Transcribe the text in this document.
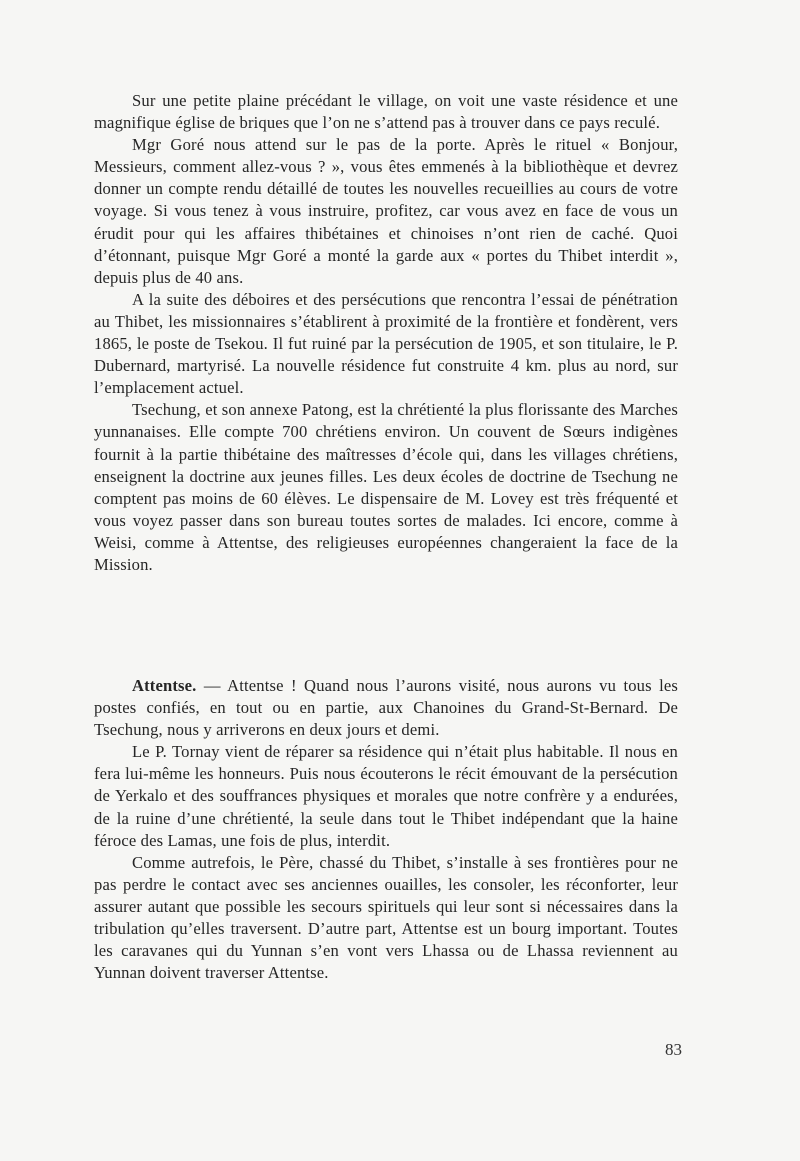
Sur une petite plaine précédant le village, on voit une vaste résidence et une magnifique église de briques que l’on ne s’attend pas à trouver dans ce pays reculé.

Mgr Goré nous attend sur le pas de la porte. Après le rituel « Bonjour, Messieurs, comment allez-vous ? », vous êtes emmenés à la bibliothèque et devrez donner un compte rendu détaillé de toutes les nouvelles recueillies au cours de votre voyage. Si vous tenez à vous instruire, profitez, car vous avez en face de vous un érudit pour qui les affaires thibétaines et chinoises n’ont rien de caché. Quoi d’étonnant, puisque Mgr Goré a monté la garde aux « portes du Thibet interdit », depuis plus de 40 ans.

A la suite des déboires et des persécutions que rencontra l’essai de pénétration au Thibet, les missionnaires s’établirent à proximité de la frontière et fondèrent, vers 1865, le poste de Tsekou. Il fut ruiné par la persécution de 1905, et son titulaire, le P. Dubernard, martyrisé. La nouvelle résidence fut construite 4 km. plus au nord, sur l’emplacement actuel.

Tsechung, et son annexe Patong, est la chrétienté la plus florissante des Marches yunnanaises. Elle compte 700 chrétiens environ. Un couvent de Sœurs indigènes fournit à la partie thibétaine des maîtresses d’école qui, dans les villages chrétiens, enseignent la doctrine aux jeunes filles. Les deux écoles de doctrine de Tsechung ne comptent pas moins de 60 élèves. Le dispensaire de M. Lovey est très fréquenté et vous voyez passer dans son bureau toutes sortes de malades. Ici encore, comme à Weisi, comme à Attentse, des religieuses européennes changeraient la face de la Mission.

Attentse. — Attentse ! Quand nous l’aurons visité, nous aurons vu tous les postes confiés, en tout ou en partie, aux Chanoines du Grand-St-Bernard. De Tsechung, nous y arriverons en deux jours et demi.

Le P. Tornay vient de réparer sa résidence qui n’était plus habitable. Il nous en fera lui-même les honneurs. Puis nous écouterons le récit émouvant de la persécution de Yerkalo et des souffrances physiques et morales que notre confrère y a endurées, de la ruine d’une chrétienté, la seule dans tout le Thibet indépendant que la haine féroce des Lamas, une fois de plus, interdit.

Comme autrefois, le Père, chassé du Thibet, s’installe à ses frontières pour ne pas perdre le contact avec ses anciennes ouailles, les consoler, les réconforter, leur assurer autant que possible les secours spirituels qui leur sont si nécessaires dans la tribulation qu’elles traversent. D’autre part, Attentse est un bourg important. Toutes les caravanes qui du Yunnan s’en vont vers Lhassa ou de Lhassa reviennent au Yunnan doivent traverser Attentse.

83
